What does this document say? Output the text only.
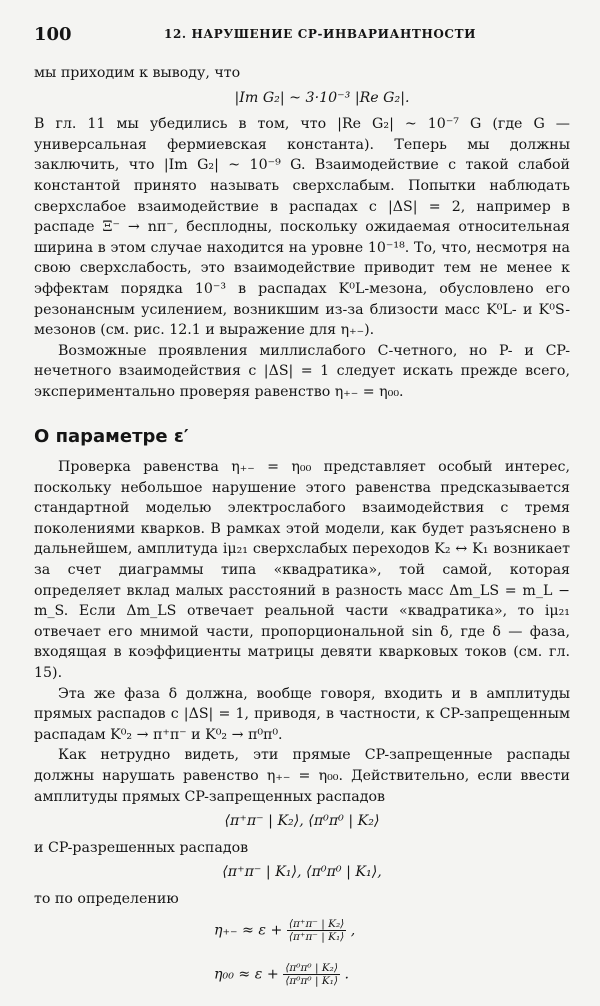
100	12. НАРУШЕНИЕ СР-ИНВАРИАНТНОСТИ

мы приходим к выводу, что

|Im G₂| ~ 3·10⁻³ |Re G₂|.

В гл. 11 мы убедились в том, что |Re G₂| ~ 10⁻⁷ G (где G — универсальная фермиевская константа). Теперь мы должны заключить, что |Im G₂| ~ 10⁻⁹ G. Взаимодействие с такой слабой константой принято называть сверхслабым. Попытки наблюдать сверхслабое взаимодействие в распадах с |ΔS| = 2, например в распаде Ξ⁻ → nπ⁻, бесплодны, поскольку ожидаемая относительная ширина в этом случае находится на уровне 10⁻¹⁸. То, что, несмотря на свою сверхслабость, это взаимодействие приводит тем не менее к эффектам порядка 10⁻³ в распадах K⁰L-мезона, обусловлено его резонансным усилением, возникшим из-за близости масс K⁰L- и K⁰S-мезонов (см. рис. 12.1 и выражение для η₊₋).

Возможные проявления миллислабого C-четного, но P- и CP-нечетного взаимодействия с |ΔS| = 1 следует искать прежде всего, экспериментально проверяя равенство η₊₋ = η₀₀.

О параметре ε′

Проверка равенства η₊₋ = η₀₀ представляет особый интерес, поскольку небольшое нарушение этого равенства предсказывается стандартной моделью электрослабого взаимодействия с тремя поколениями кварков. В рамках этой модели, как будет разъяснено в дальнейшем, амплитуда iμ₂₁ сверхслабых переходов K₂ ↔ K₁ возникает за счет диаграммы типа «квадратика», той самой, которая определяет вклад малых расстояний в разность масс Δm_LS = m_L − m_S. Если Δm_LS отвечает реальной части «квадратика», то iμ₂₁ отвечает его мнимой части, пропорциональной sin δ, где δ — фаза, входящая в коэффициенты матрицы девяти кварковых токов (см. гл. 15).

Эта же фаза δ должна, вообще говоря, входить и в амплитуды прямых распадов с |ΔS| = 1, приводя, в частности, к CP-запрещенным распадам K⁰₂ → π⁺π⁻ и K⁰₂ → π⁰π⁰.

Как нетрудно видеть, эти прямые CP-запрещенные распады должны нарушать равенство η₊₋ = η₀₀. Действительно, если ввести амплитуды прямых CP-запрещенных распадов

⟨π⁺π⁻ | K₂⟩, ⟨π⁰π⁰ | K₂⟩

и CP-разрешенных распадов

⟨π⁺π⁻ | K₁⟩, ⟨π⁰π⁰ | K₁⟩,

то по определению

$\eta_{+-} \approx \varepsilon + \frac{\text{⟨π⁺π⁻ | K₂⟩}}{\text{⟨π⁺π⁻ | K₁⟩}}$ ,
$\eta_{00} \approx \varepsilon + \frac{\text{⟨π⁰π⁰ | K₂⟩}}{\text{⟨π⁰π⁰ | K₁⟩}}$ .
